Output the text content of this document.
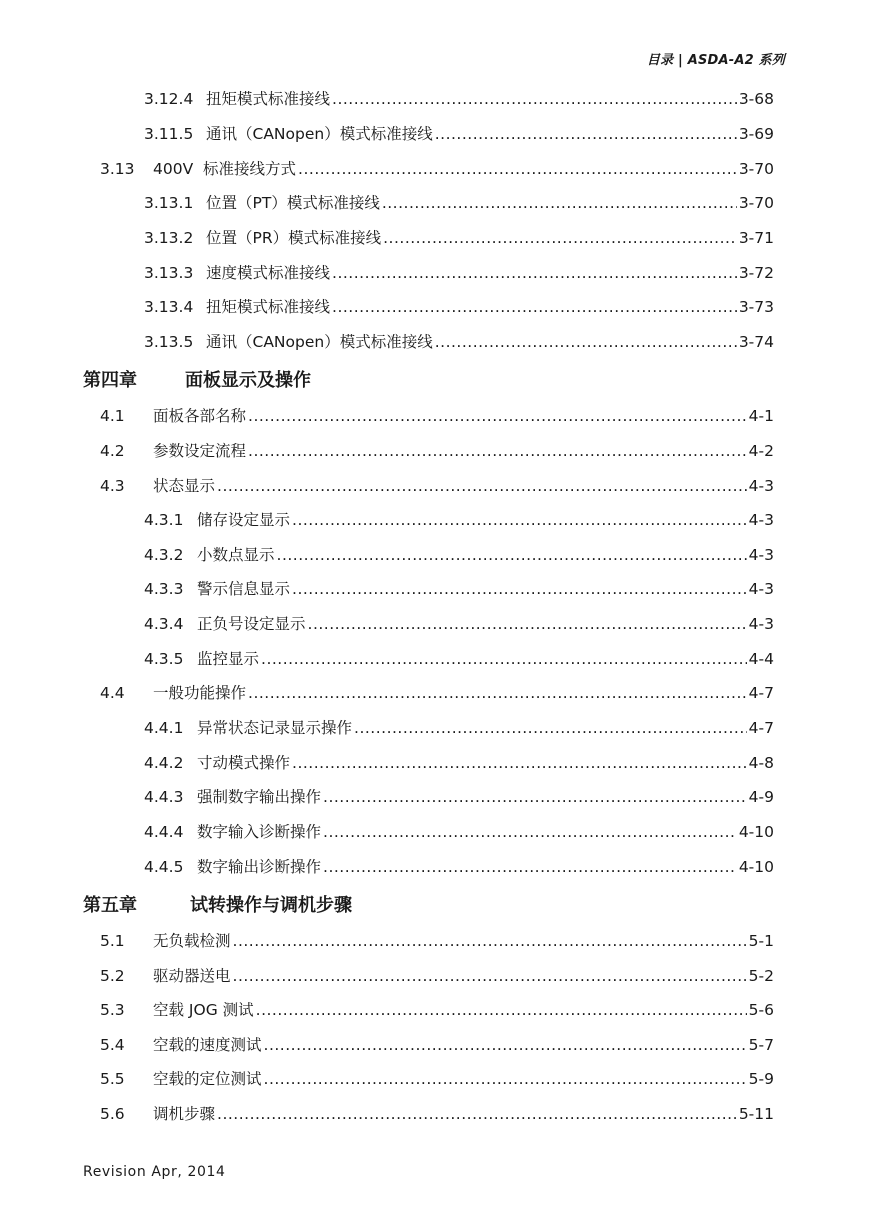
目录 | ASDA-A2 系列
3.12.4 扭矩模式标准接线 .....	3-68
3.11.5 通讯（CANopen）模式标准接线 .....	3-69
3.13	400V  标准接线方式 .....	3-70
3.13.1 位置（PT）模式标准接线 .....	3-70
3.13.2 位置（PR）模式标准接线 .....	3-71
3.13.3 速度模式标准接线 .....	3-72
3.13.4 扭矩模式标准接线 .....	3-73
3.13.5 通讯（CANopen）模式标准接线 .....	3-74
第四章	面板显示及操作
4.1	面板各部名称 .....	4-1
4.2	参数设定流程 .....	4-2
4.3	状态显示 .....	4-3
4.3.1 储存设定显示 .....	4-3
4.3.2 小数点显示 .....	4-3
4.3.3 警示信息显示 .....	4-3
4.3.4 正负号设定显示 .....	4-3
4.3.5 监控显示 .....	4-4
4.4	一般功能操作 .....	4-7
4.4.1 异常状态记录显示操作 .....	4-7
4.4.2 寸动模式操作 .....	4-8
4.4.3 强制数字输出操作 .....	4-9
4.4.4 数字输入诊断操作 .....	4-10
4.4.5 数字输出诊断操作 .....	4-10
第五章	试转操作与调机步骤
5.1	无负载检测 .....	5-1
5.2	驱动器送电 .....	5-2
5.3	空载 JOG 测试 .....	5-6
5.4	空载的速度测试 .....	5-7
5.5	空载的定位测试 .....	5-9
5.6	调机步骤 .....	5-11
Revision Apr, 2014
